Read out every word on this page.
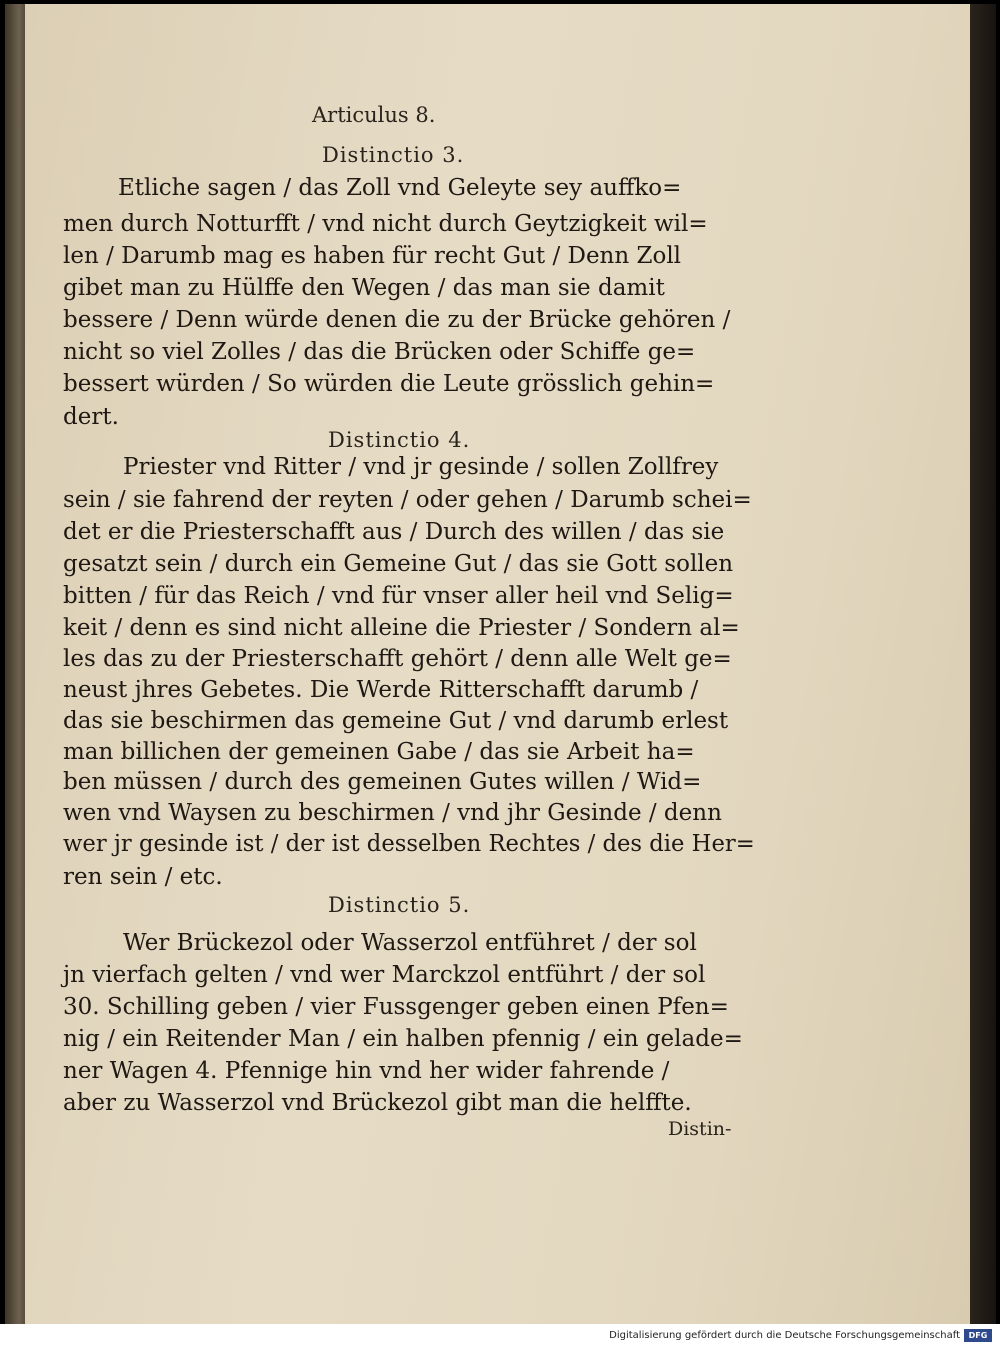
Articulus 8.
Distinctio 3.
Etliche sagen / das Zoll vnd Geleyte sey auffko=
men durch Notturfft / vnd nicht durch Geytzigkeit wil=
len / Darumb mag es haben für recht Gut / Denn Zoll
gibet man zu Hülffe den Wegen / das man sie damit
bessere / Denn würde denen die zu der Brücke gehören /
nicht so viel Zolles / das die Brücken oder Schiffe ge=
bessert würden / So würden die Leute grösslich gehin=
dert.
Distinctio 4.
Priester vnd Ritter / vnd jr gesinde / sollen Zollfrey
sein / sie fahrend der reyten / oder gehen / Darumb schei=
det er die Priesterschafft aus / Durch des willen / das sie
gesatzt sein / durch ein Gemeine Gut / das sie Gott sollen
bitten / für das Reich / vnd für vnser aller heil vnd Selig=
keit / denn es sind nicht alleine die Priester / Sondern al=
les das zu der Priesterschafft gehört / denn alle Welt ge=
neust jhres Gebetes. Die Werde Ritterschafft darumb /
das sie beschirmen das gemeine Gut / vnd darumb erlest
man billichen der gemeinen Gabe / das sie Arbeit ha=
ben müssen / durch des gemeinen Gutes willen / Wid=
wen vnd Waysen zu beschirmen / vnd jhr Gesinde / denn
wer jr gesinde ist / der ist desselben Rechtes / des die Her=
ren sein / etc.
Distinctio 5.
Wer Brückezol oder Wasserzol entführet / der sol
jn vierfach gelten / vnd wer Marckzol entführt / der sol
30. Schilling geben / vier Fussgenger geben einen Pfen=
nig / ein Reitender Man / ein halben pfennig / ein gelade=
ner Wagen 4. Pfennige hin vnd her wider fahrende /
aber zu Wasserzol vnd Brückezol gibt man die helffte.
Distin-
Digitalisierung gefördert durch die Deutsche Forschungsgemeinschaft	DFG
